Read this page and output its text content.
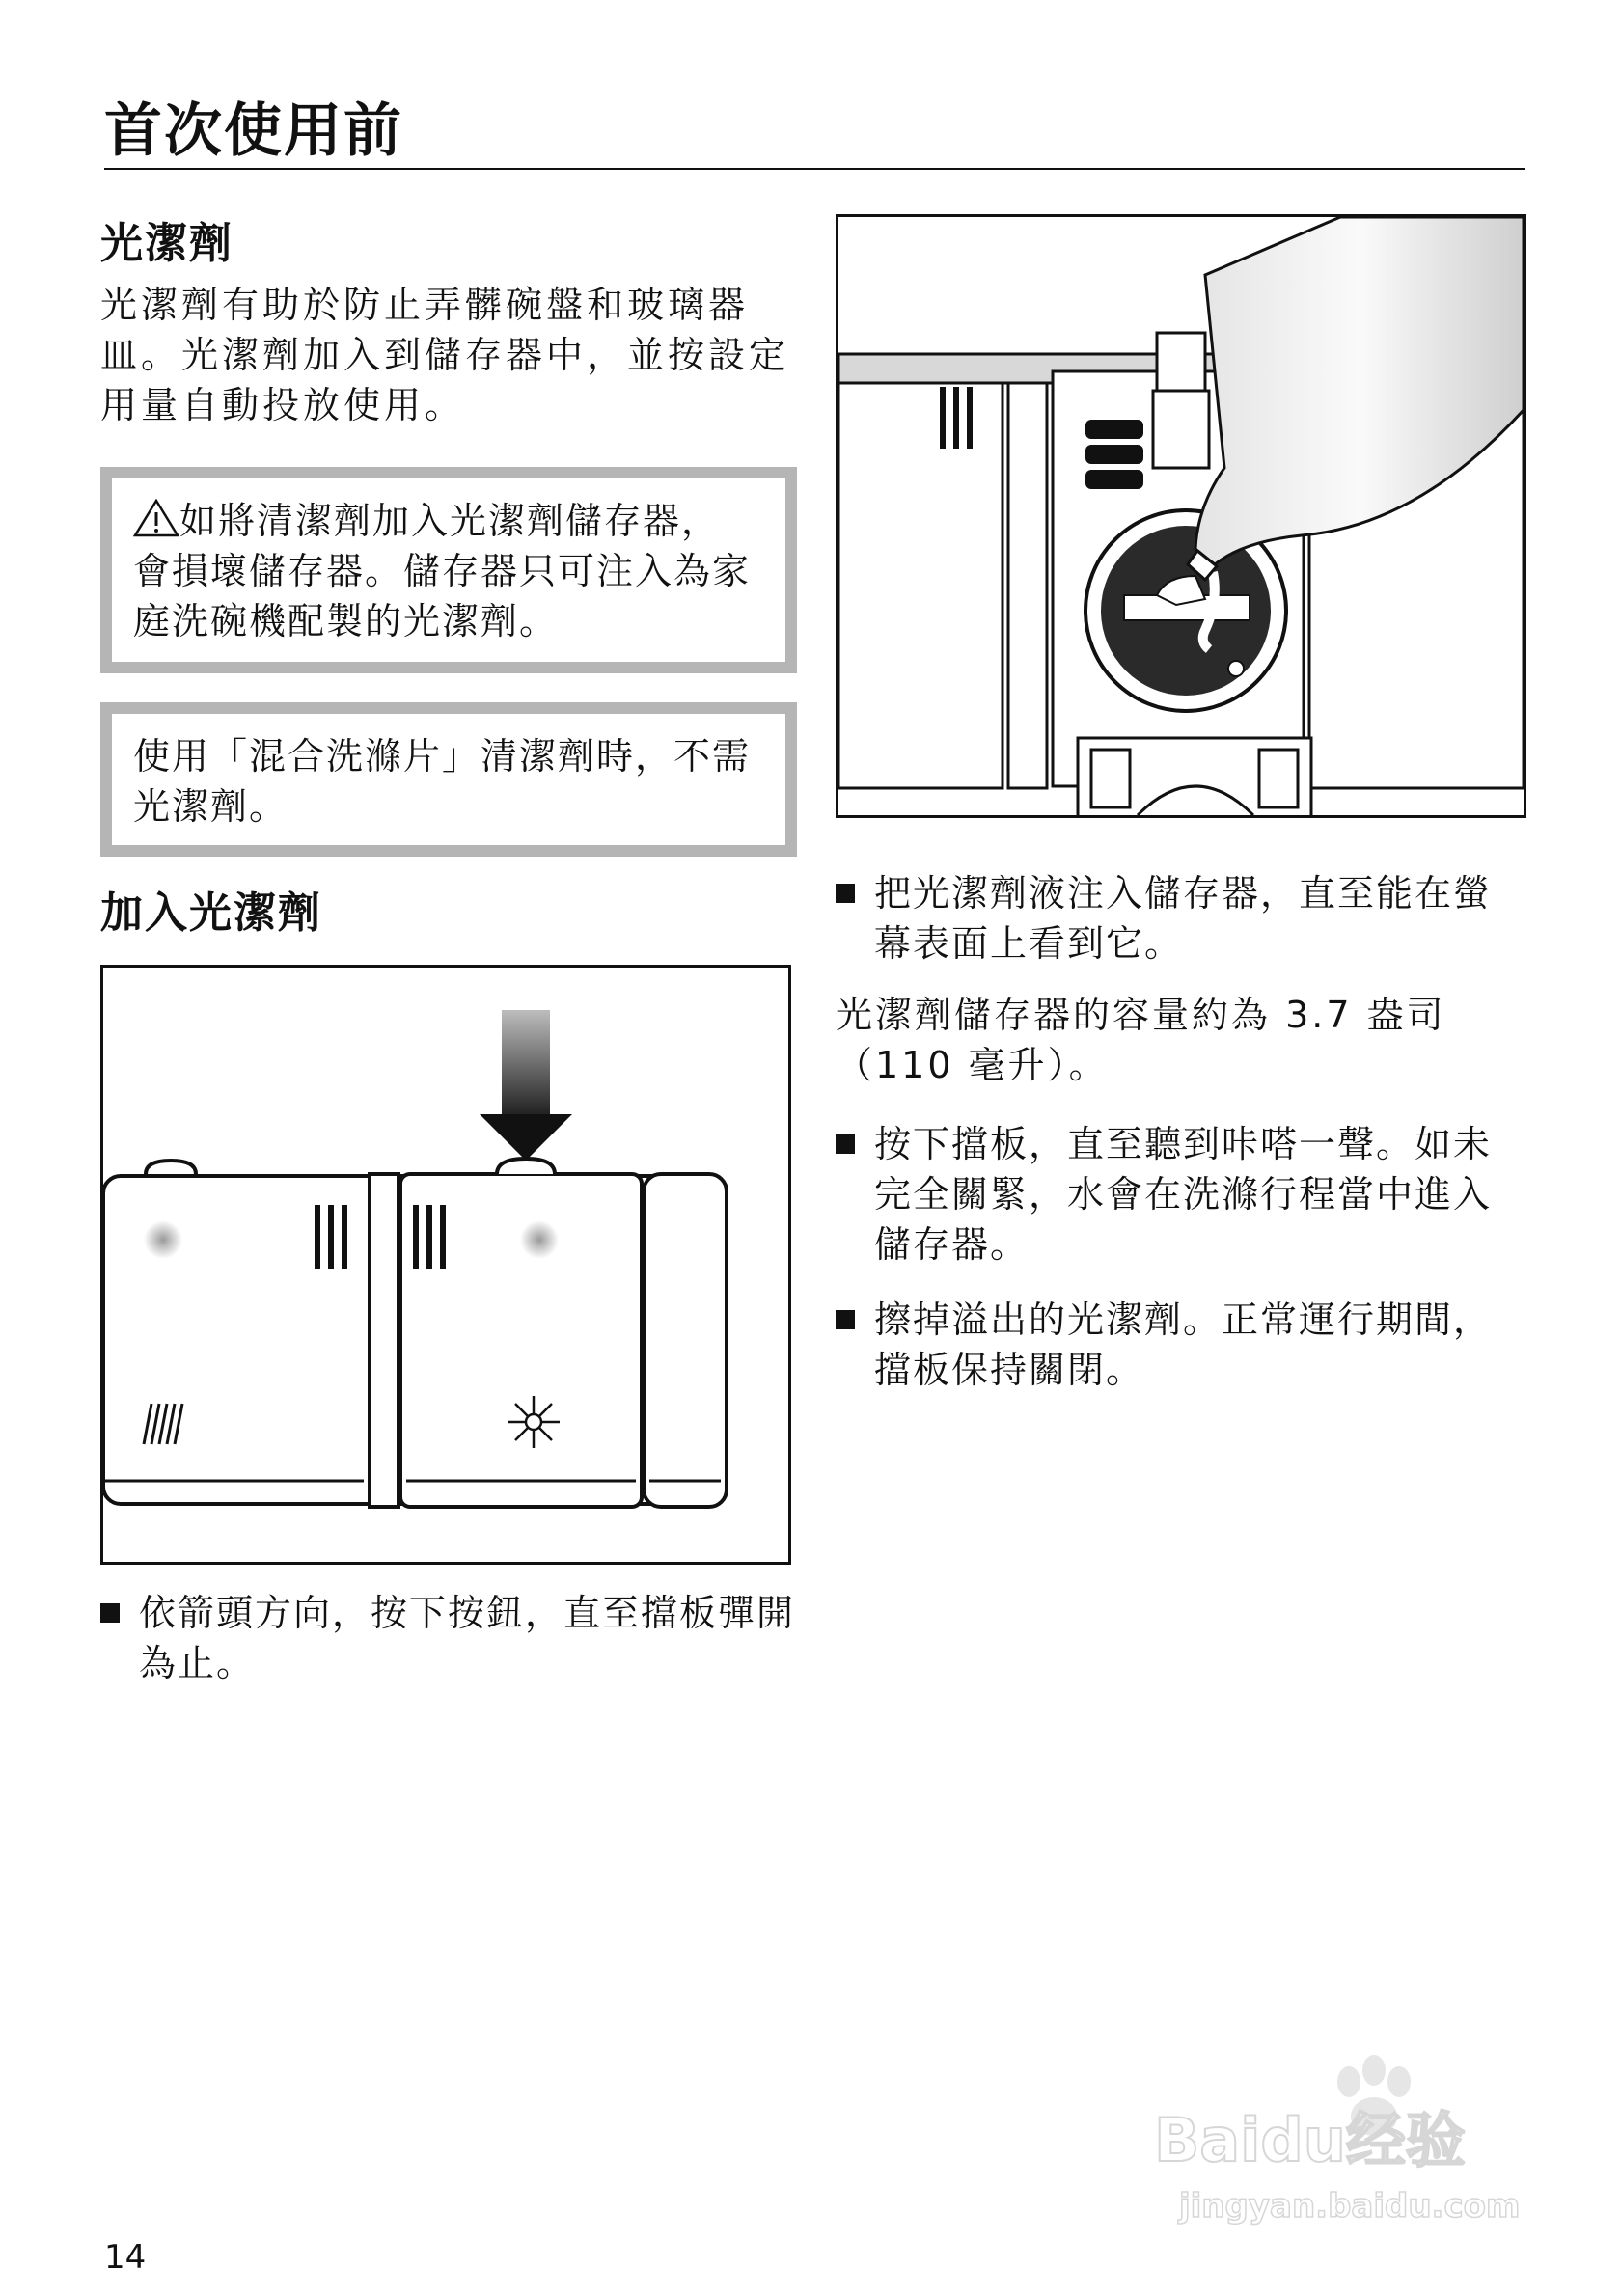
首次使用前
光潔劑
光潔劑有助於防止弄髒碗盤和玻璃器
皿。光潔劑加入到儲存器中，並按設定
用量自動投放使用。
如將清潔劑加入光潔劑儲存器，
會損壞儲存器。儲存器只可注入為家
庭洗碗機配製的光潔劑。
使用「混合洗滌片」清潔劑時，不需
光潔劑。
加入光潔劑
依箭頭方向，按下按鈕，直至擋板彈開
為止。
把光潔劑液注入儲存器，直至能在螢
幕表面上看到它。
光潔劑儲存器的容量約為 3.7 盎司
（110 毫升）。
按下擋板，直至聽到咔嗒一聲。如未
完全關緊，水會在洗滌行程當中進入
儲存器。
擦掉溢出的光潔劑。正常運行期間，
擋板保持關閉。
14
Baidu经验
jingyan.baidu.com
